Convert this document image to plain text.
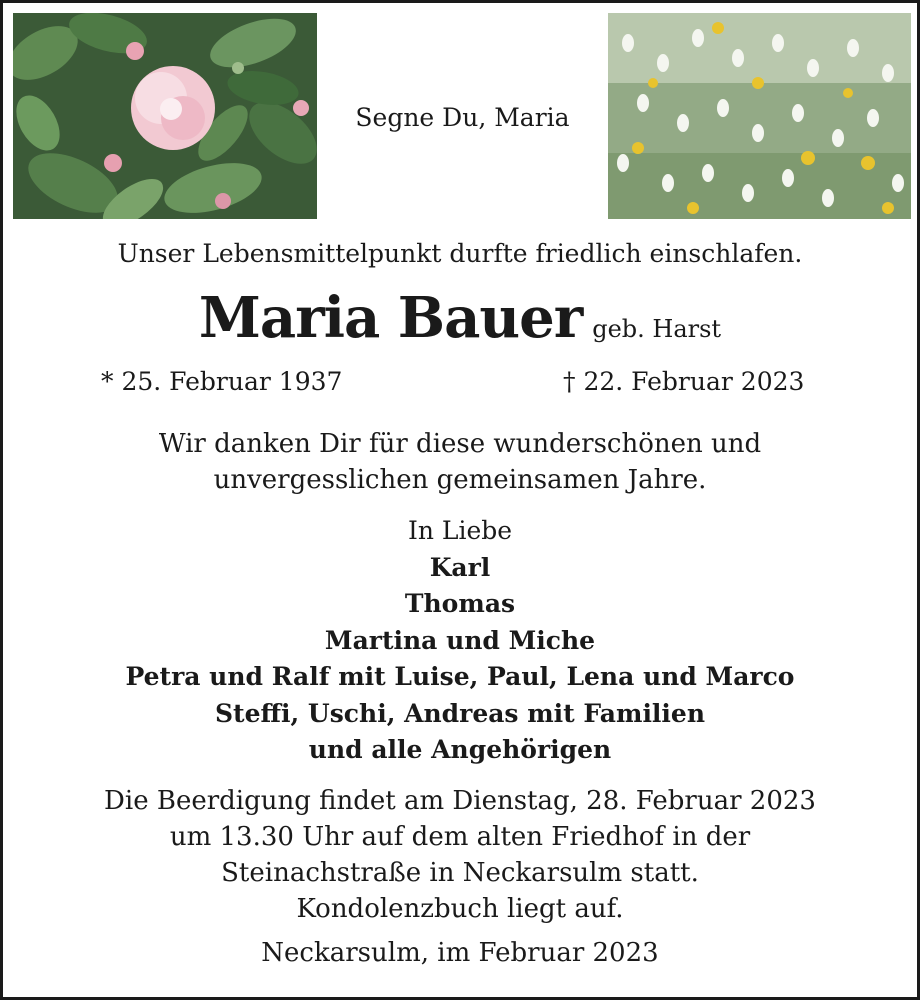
Segne Du, Maria
Unser Lebensmittelpunkt durfte friedlich einschlafen.
Maria Bauer geb. Harst
* 25. Februar 1937	† 22. Februar 2023
Wir danken Dir für diese wunderschönen und
unvergesslichen gemeinsamen Jahre.
In Liebe
Karl
Thomas
Martina und Miche
Petra und Ralf mit Luise, Paul, Lena und Marco
Steffi, Uschi, Andreas mit Familien
und alle Angehörigen
Die Beerdigung findet am Dienstag, 28. Februar 2023
um 13.30 Uhr auf dem alten Friedhof in der
Steinachstraße in Neckarsulm statt.
Kondolenzbuch liegt auf.
Neckarsulm, im Februar 2023
